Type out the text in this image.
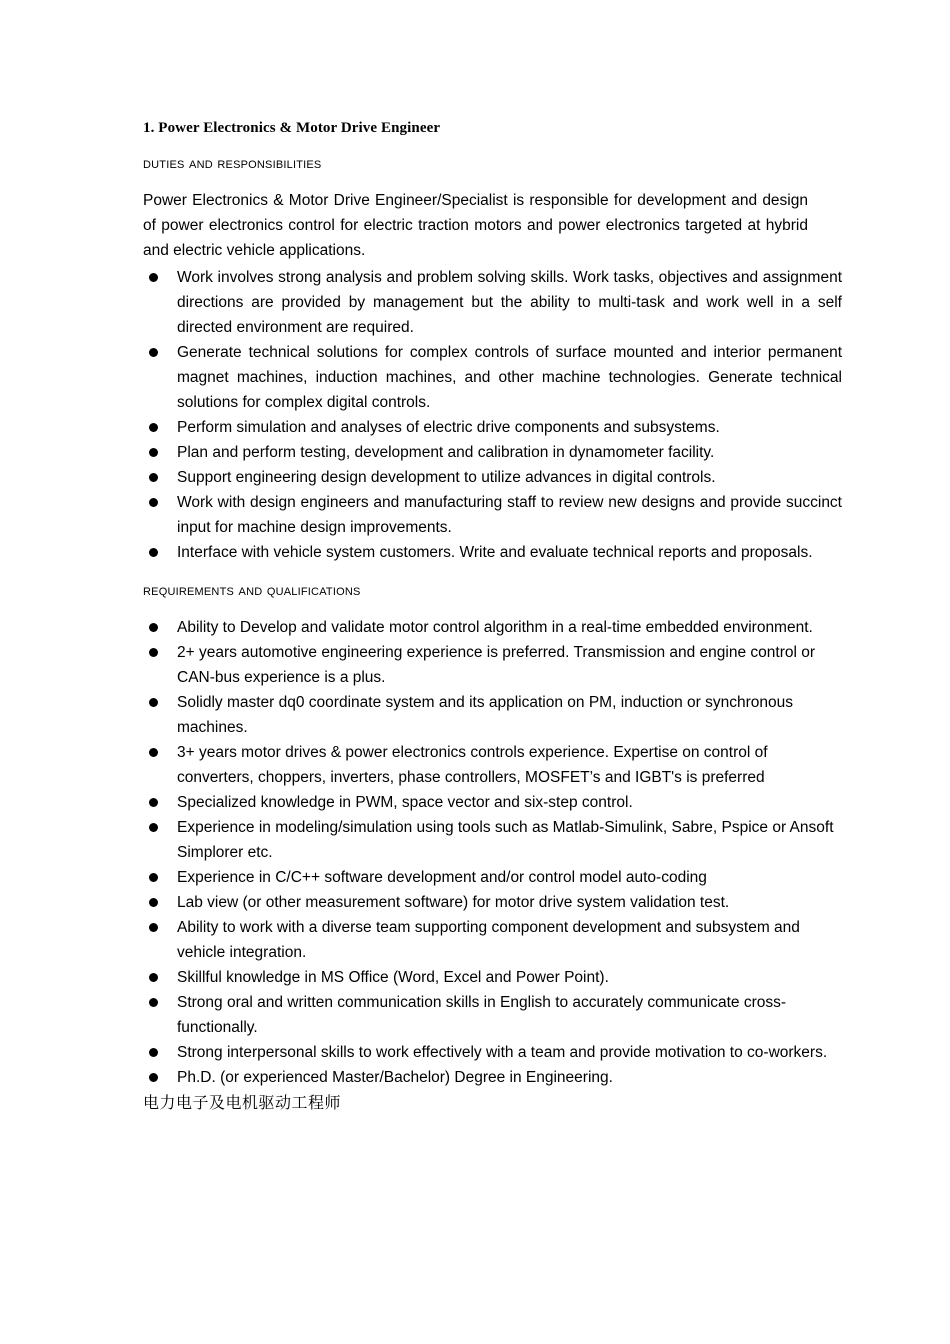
1. Power Electronics & Motor Drive Engineer
duties and responsibilities

Power Electronics & Motor Drive Engineer/Specialist is responsible for development and design of power electronics control for electric traction motors and power electronics targeted at hybrid and electric vehicle applications.

Work involves strong analysis and problem solving skills. Work tasks, objectives and assignment directions are provided by management but the ability to multi-task and work well in a self directed environment are required.
Generate technical solutions for complex controls of surface mounted and interior permanent magnet machines, induction machines, and other machine technologies. Generate technical solutions for complex digital controls.
Perform simulation and analyses of electric drive components and subsystems.
Plan and perform testing, development and calibration in dynamometer facility.
Support engineering design development to utilize advances in digital controls.
Work with design engineers and manufacturing staff to review new designs and provide succinct input for machine design improvements.
Interface with vehicle system customers. Write and evaluate technical reports and proposals.
requirements and qualifications
Ability to Develop and validate motor control algorithm in a real-time embedded environment.
2+ years automotive engineering experience is preferred. Transmission and engine control or CAN-bus experience is a plus.
Solidly master dq0 coordinate system and its application on PM, induction or synchronous machines.
3+ years motor drives & power electronics controls experience. Expertise on control of converters, choppers, inverters, phase controllers, MOSFET’s and IGBT's is preferred
Specialized knowledge in PWM, space vector and six-step control.
Experience in modeling/simulation using tools such as Matlab-Simulink, Sabre, Pspice or Ansoft Simplorer etc.
Experience in C/C++ software development and/or control model auto-coding
Lab view (or other measurement software) for motor drive system validation test.
Ability to work with a diverse team supporting component development and subsystem and vehicle integration.
Skillful knowledge in MS Office (Word, Excel and Power Point).
Strong oral and written communication skills in English to accurately communicate cross-functionally.
Strong interpersonal skills to work effectively with a team and provide motivation to co-workers.
Ph.D. (or experienced Master/Bachelor) Degree in Engineering.

电力电子及电机驱动工程师
